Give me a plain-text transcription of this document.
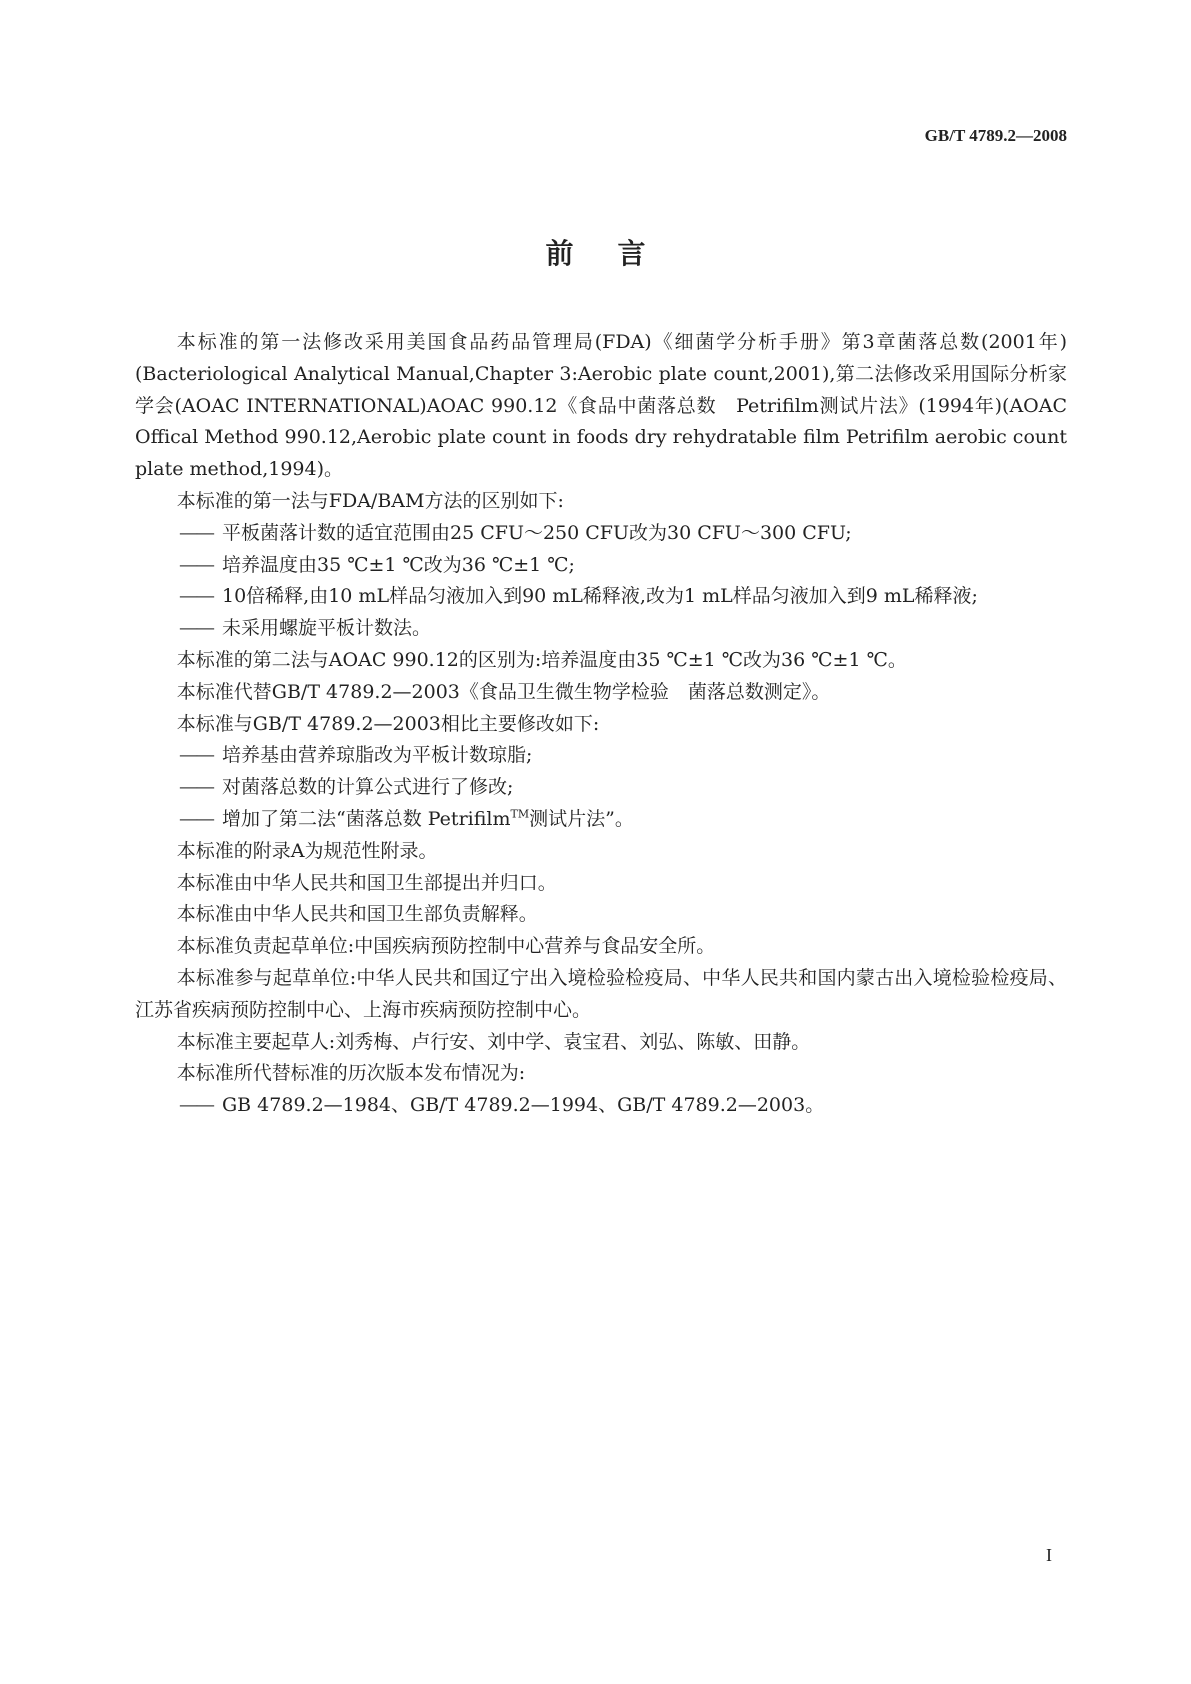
GB/T 4789.2—2008
前言

本标准的第一法修改采用美国食品药品管理局(FDA)《细菌学分析手册》第3章菌落总数(2001年)(Bacteriological Analytical Manual,Chapter 3:Aerobic plate count,2001),第二法修改采用国际分析家学会(AOAC INTERNATIONAL)AOAC 990.12《食品中菌落总数　Petrifilm测试片法》(1994年)(AOAC Offical Method 990.12,Aerobic plate count in foods dry rehydratable film Petrifilm aerobic count plate method,1994)。

本标准的第一法与FDA/BAM方法的区别如下:

—— 平板菌落计数的适宜范围由25 CFU～250 CFU改为30 CFU～300 CFU;

—— 培养温度由35 ℃±1 ℃改为36 ℃±1 ℃;

—— 10倍稀释,由10 mL样品匀液加入到90 mL稀释液,改为1 mL样品匀液加入到9 mL稀释液;

—— 未采用螺旋平板计数法。

本标准的第二法与AOAC 990.12的区别为:培养温度由35 ℃±1 ℃改为36 ℃±1 ℃。

本标准代替GB/T 4789.2—2003《食品卫生微生物学检验　菌落总数测定》。

本标准与GB/T 4789.2—2003相比主要修改如下:

—— 培养基由营养琼脂改为平板计数琼脂;

—— 对菌落总数的计算公式进行了修改;

—— 增加了第二法“菌落总数 Petrifilm™测试片法”。

本标准的附录A为规范性附录。

本标准由中华人民共和国卫生部提出并归口。

本标准由中华人民共和国卫生部负责解释。

本标准负责起草单位:中国疾病预防控制中心营养与食品安全所。

本标准参与起草单位:中华人民共和国辽宁出入境检验检疫局、中华人民共和国内蒙古出入境检验检疫局、江苏省疾病预防控制中心、上海市疾病预防控制中心。

本标准主要起草人:刘秀梅、卢行安、刘中学、袁宝君、刘弘、陈敏、田静。

本标准所代替标准的历次版本发布情况为:

—— GB 4789.2—1984、GB/T 4789.2—1994、GB/T 4789.2—2003。

I
